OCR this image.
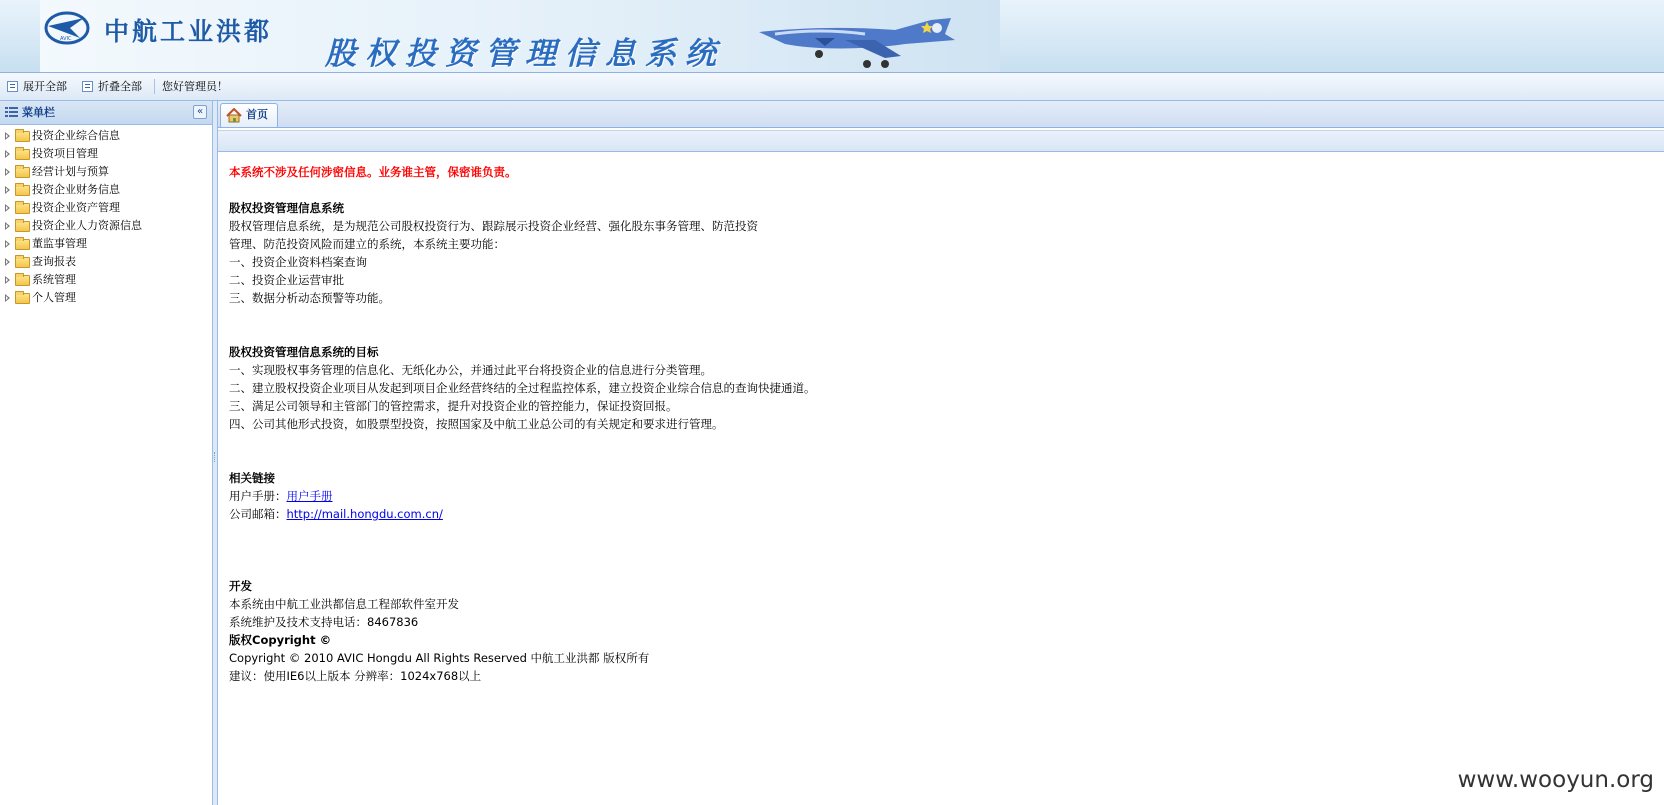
AVIC 中航工业洪都
股权投资管理信息系统
展开全部	折叠全部 您好管理员！
菜单栏	«
投资企业综合信息
投资项目管理
经营计划与预算
投资企业财务信息
投资企业资产管理
投资企业人力资源信息
董监事管理
查询报表
系统管理
个人管理
首页
本系统不涉及任何涉密信息。业务谁主管，保密谁负责。
股权投资管理信息系统
股权管理信息系统，是为规范公司股权投资行为、跟踪展示投资企业经营、强化股东事务管理、防范投资
管理、防范投资风险而建立的系统，本系统主要功能：
一、投资企业资料档案查询
二、投资企业运营审批
三、数据分析动态预警等功能。
股权投资管理信息系统的目标
一、实现股权事务管理的信息化、无纸化办公，并通过此平台将投资企业的信息进行分类管理。
二、建立股权投资企业项目从发起到项目企业经营终结的全过程监控体系，建立投资企业综合信息的查询快捷通道。
三、满足公司领导和主管部门的管控需求，提升对投资企业的管控能力，保证投资回报。
四、公司其他形式投资，如股票型投资，按照国家及中航工业总公司的有关规定和要求进行管理。
相关链接
用户手册：用户手册
公司邮箱：http://mail.hongdu.com.cn/
开发
本系统由中航工业洪都信息工程部软件室开发
系统维护及技术支持电话：8467836
版权Copyright ©
Copyright © 2010 AVIC Hongdu All Rights Reserved 中航工业洪都 版权所有
建议：使用IE6以上版本 分辨率：1024x768以上
www.wooyun.org
